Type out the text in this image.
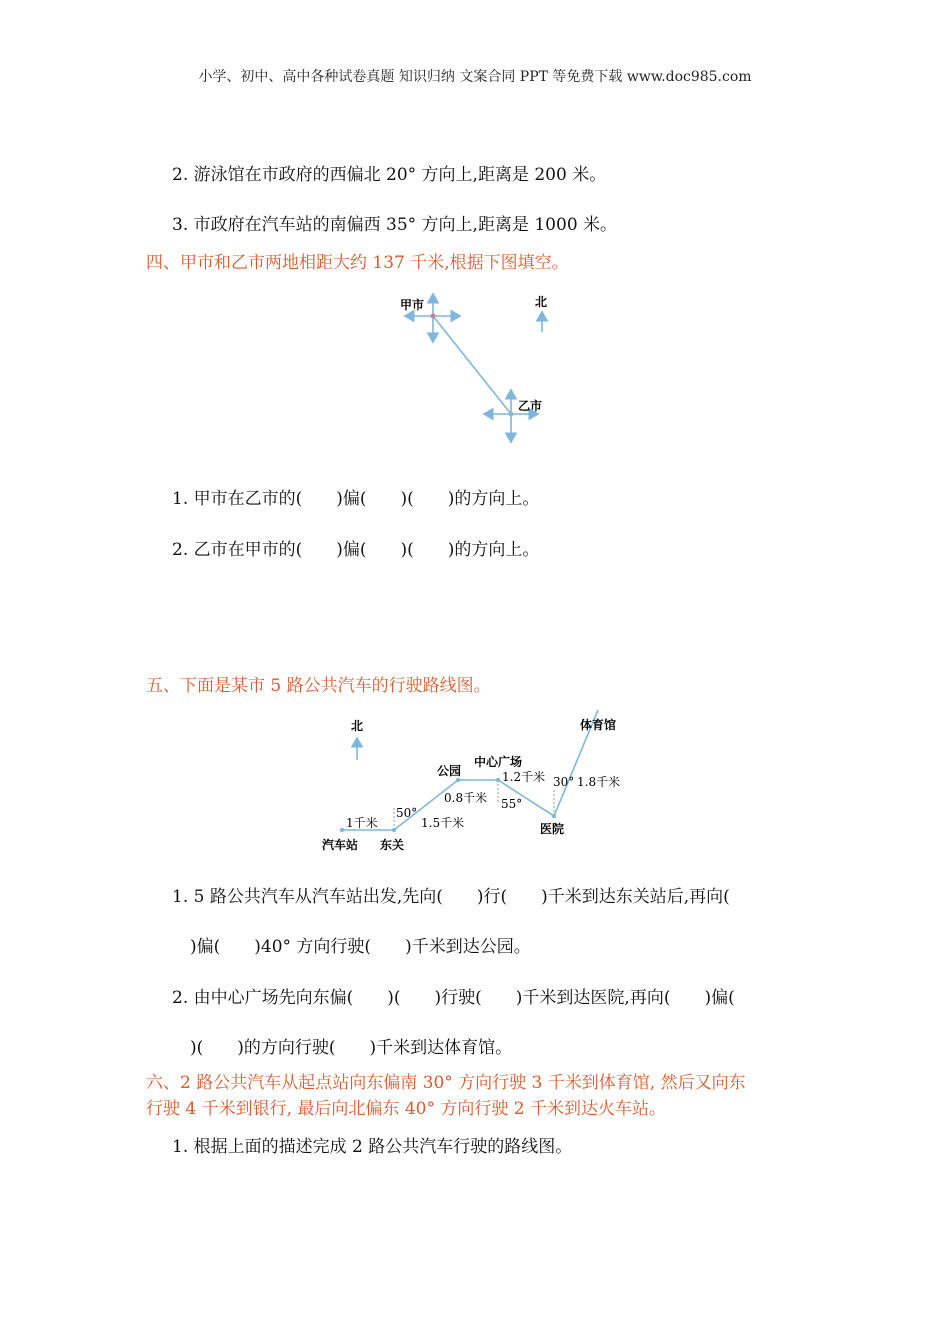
小学、初中、高中各种试卷真题 知识归纳 文案合同 PPT 等免费下载 www.doc985.com
2. 游泳馆在市政府的西偏北 20° 方向上,距离是 200 米。
3. 市政府在汽车站的南偏西 35° 方向上,距离是 1000 米。
四、甲市和乙市两地相距大约 137 千米,根据下图填空。
甲市
乙市
北
1. 甲市在乙市的(　　)偏(　　)(　　)的方向上。
2. 乙市在甲市的(　　)偏(　　)(　　)的方向上。
五、下面是某市 5 路公共汽车的行驶路线图。
北
汽车站 东关
公园
中心广场
医院
体育馆
1千米	1.5千米
0.8千米
1.2千米	1.8千米
50°
55°
30°
1. 5 路公共汽车从汽车站出发,先向(　　)行(　　)千米到达东关站后,再向(
)偏(　　)40° 方向行驶(　　)千米到达公园。
2. 由中心广场先向东偏(　　)(　　)行驶(　　)千米到达医院,再向(　　)偏(
)(　　)的方向行驶(　　)千米到达体育馆。
六、2 路公共汽车从起点站向东偏南 30° 方向行驶 3 千米到体育馆, 然后又向东
行驶 4 千米到银行, 最后向北偏东 40° 方向行驶 2 千米到达火车站。
1. 根据上面的描述完成 2 路公共汽车行驶的路线图。
